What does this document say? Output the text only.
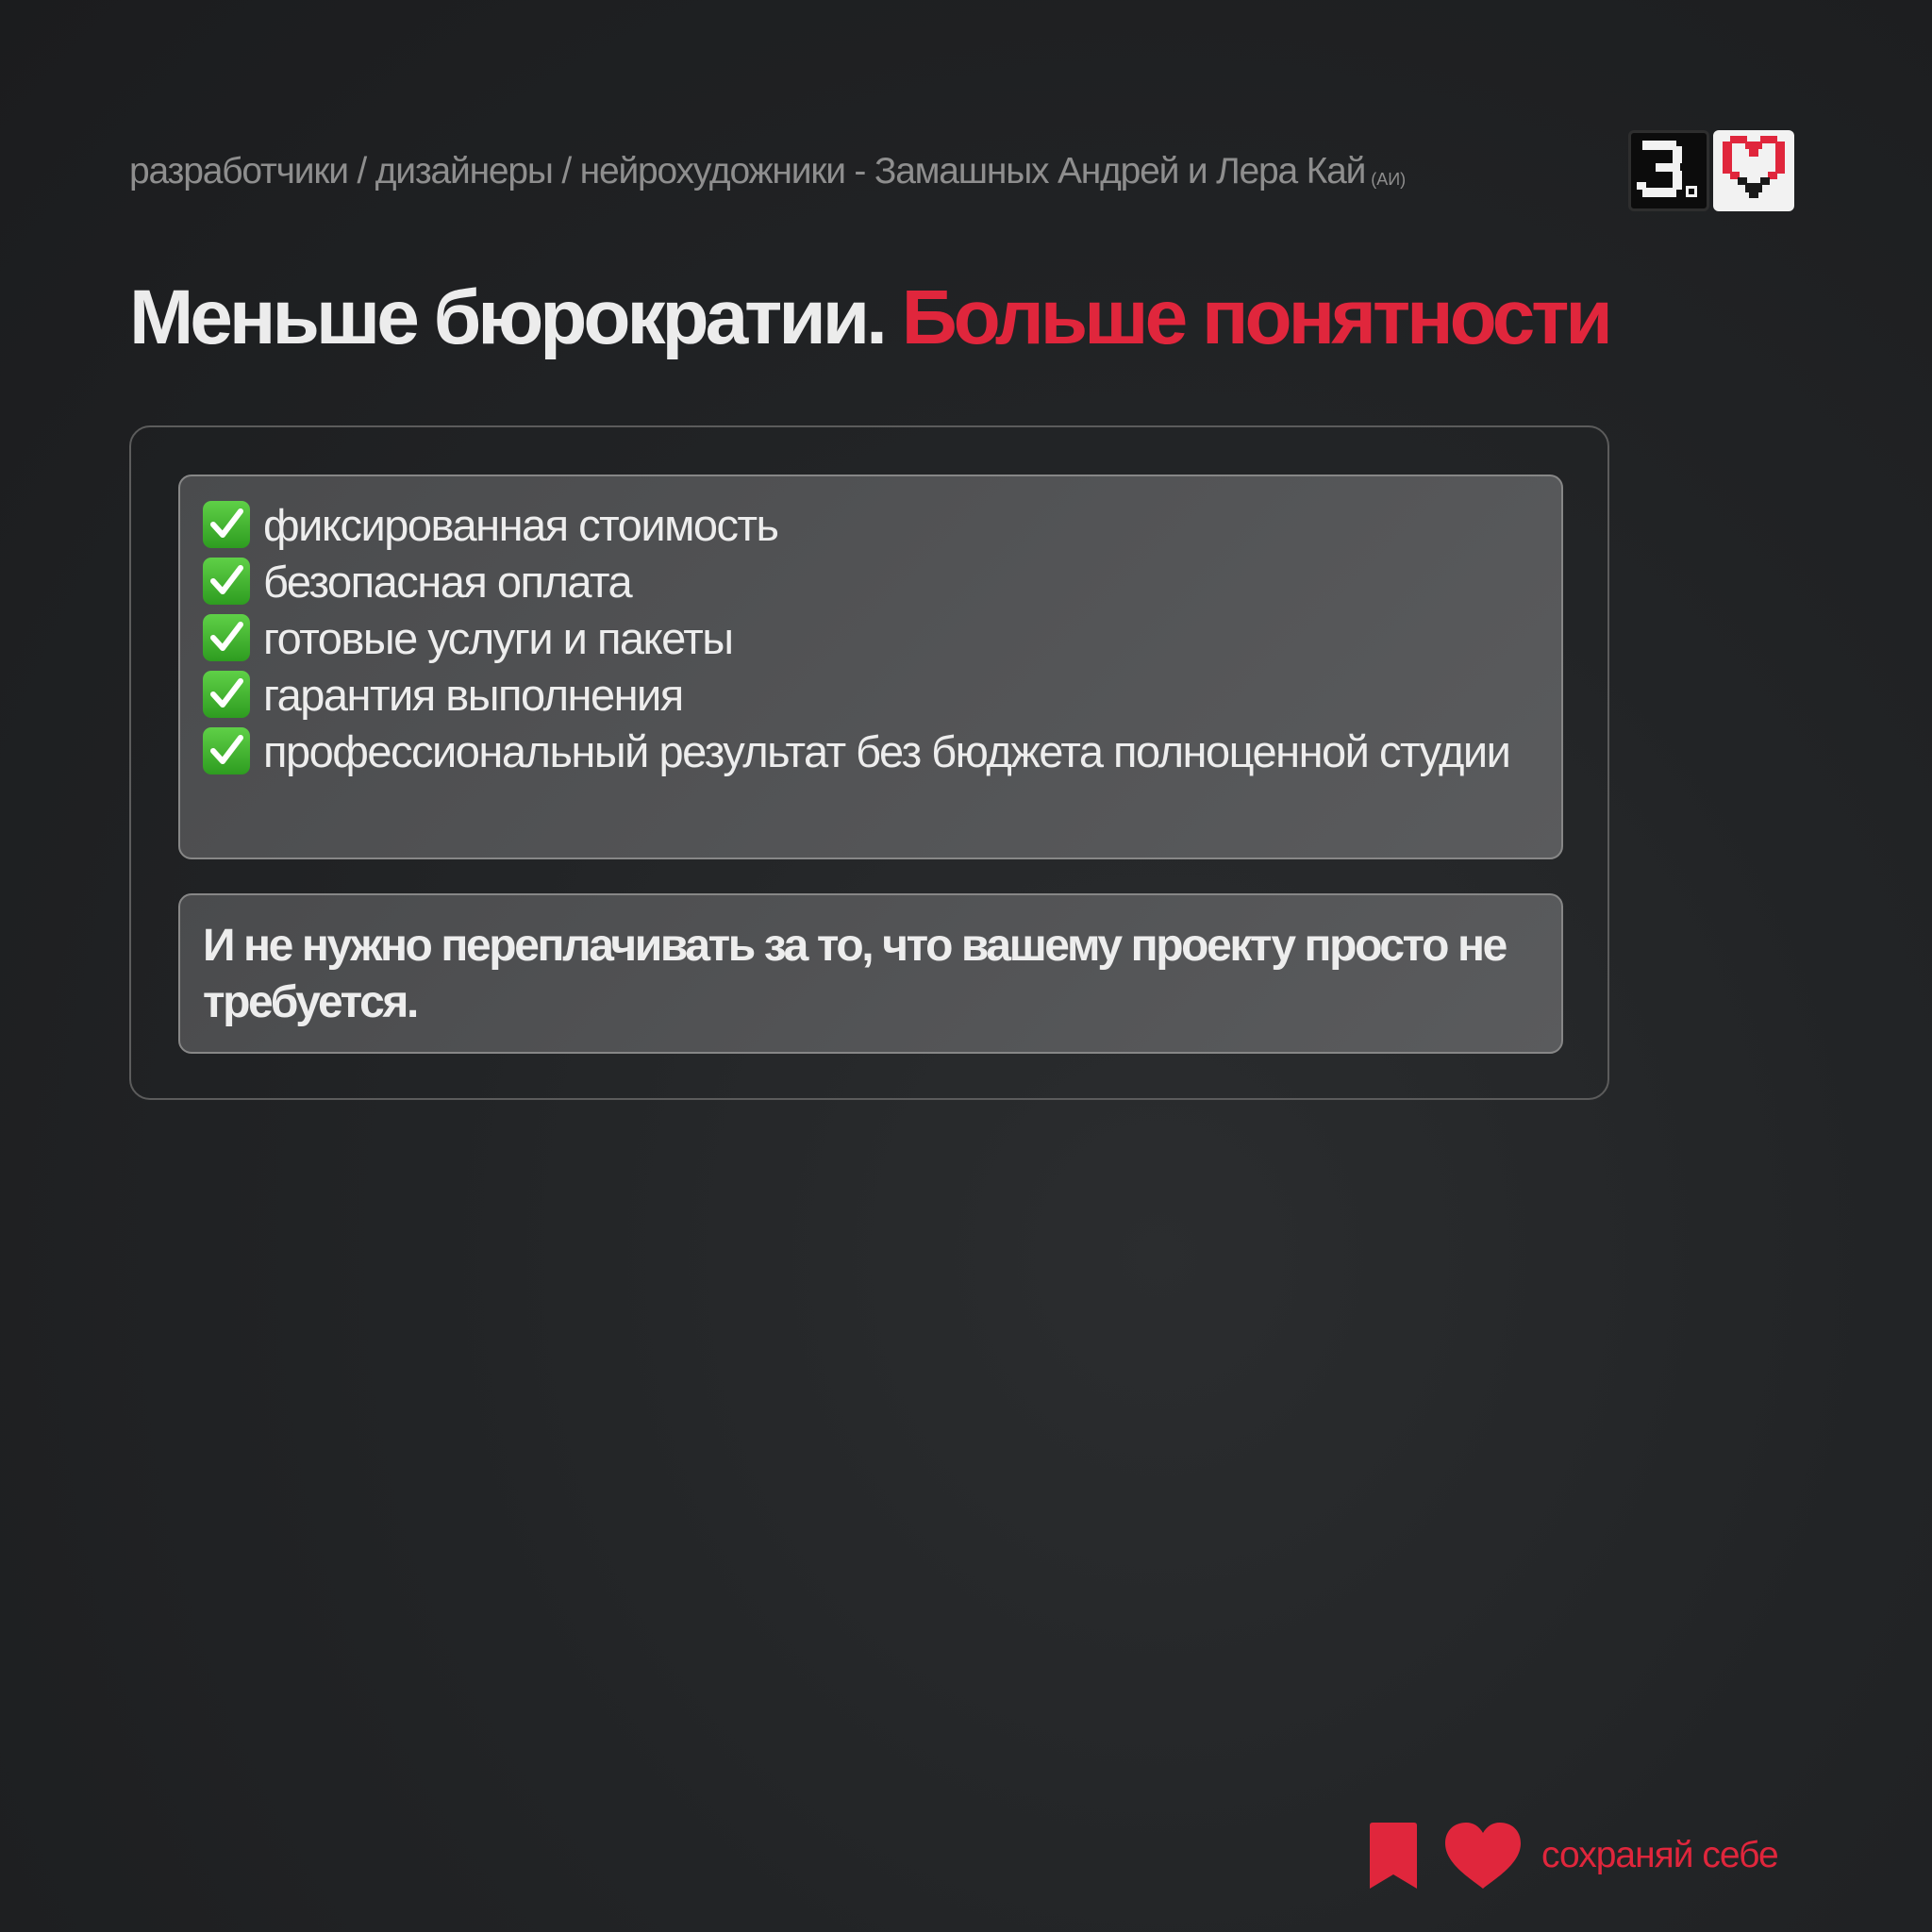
разработчики / дизайнеры / нейрохудожники - Замашных Андрей и Лера Кай (АИ)
Меньше бюрократии. Больше понятности
фиксированная стоимость
безопасная оплата
готовые услуги и пакеты
гарантия выполнения
профессиональный результат без бюджета полноценной студии
И не нужно переплачивать за то, что вашему проекту просто не требуется.
сохраняй себе
